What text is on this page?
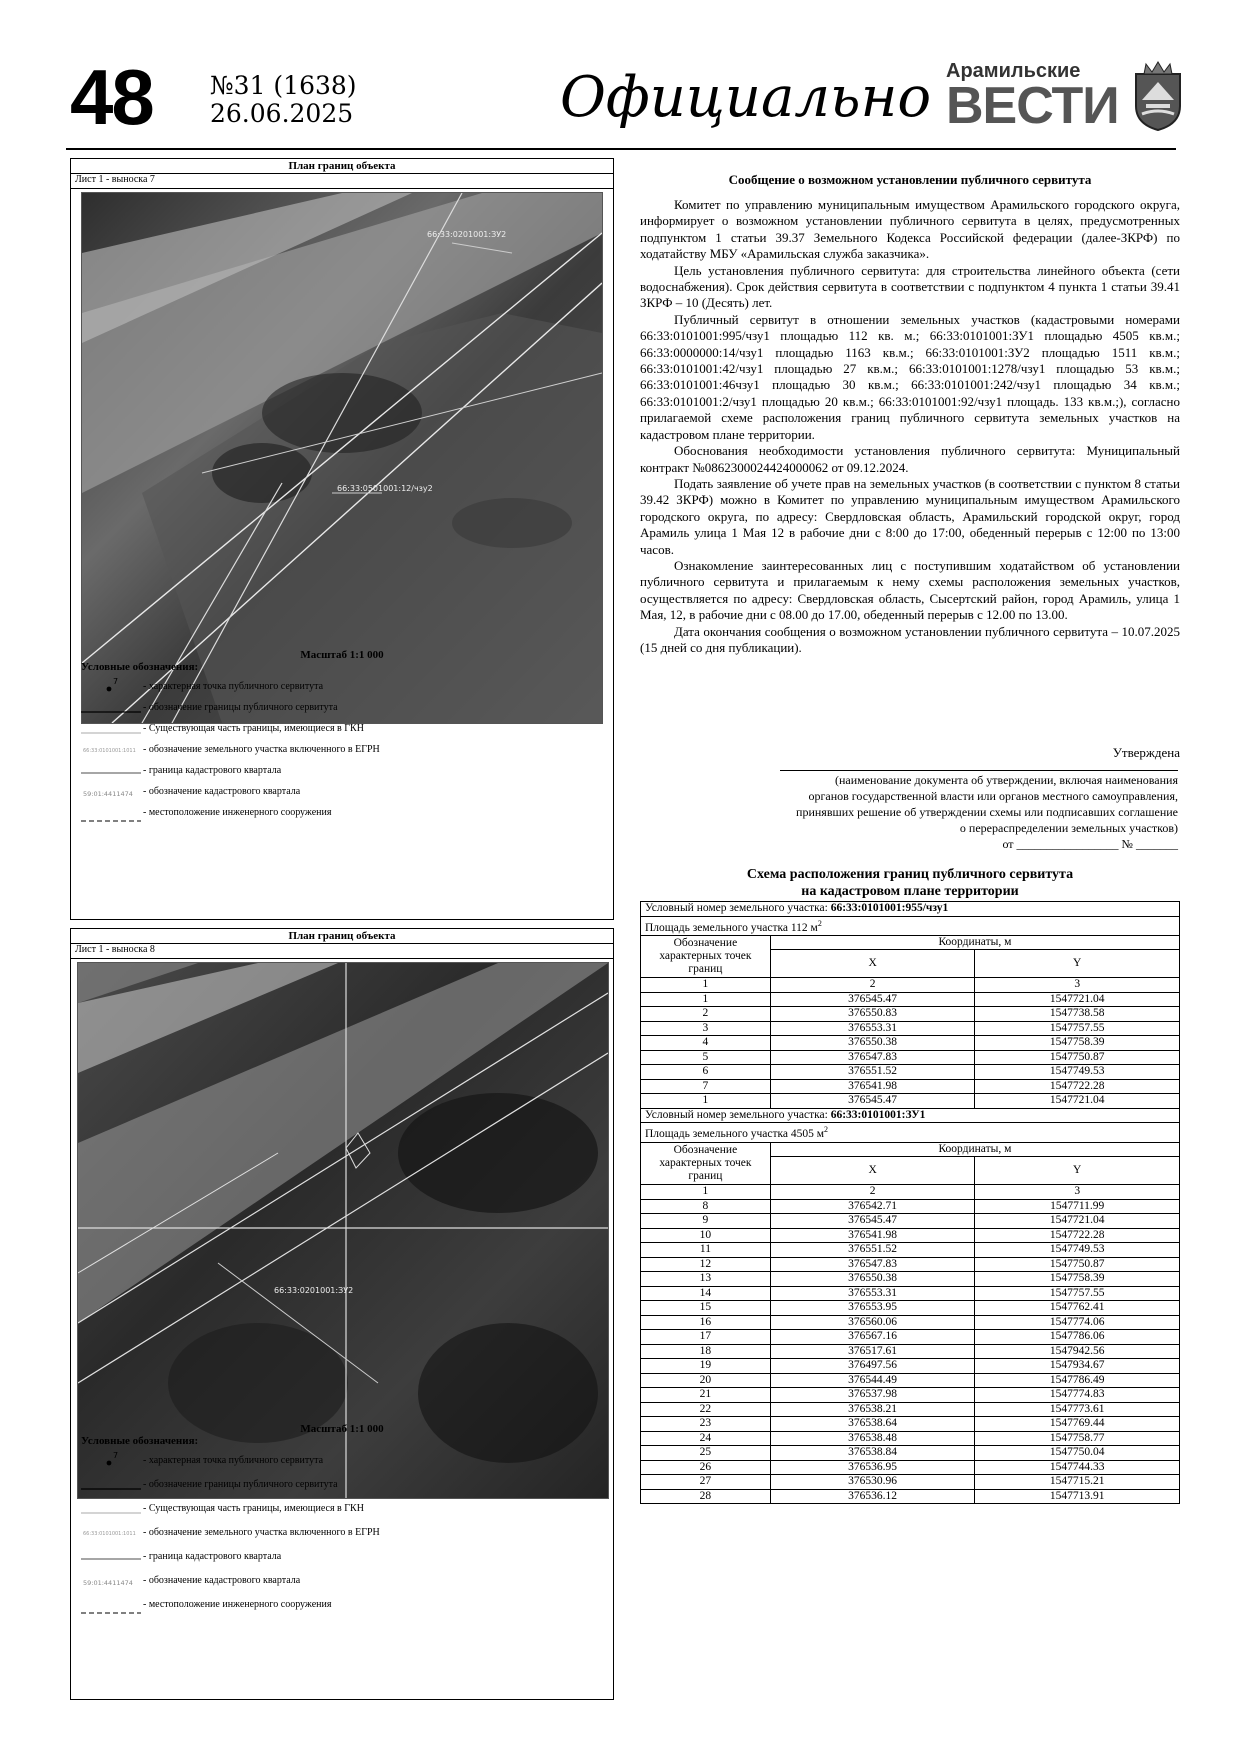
48 №31 (1638)
26.06.2025	Официально Арамильские
ВЕСТИ
План границ объекта
Лист 1 - выноска 7
66:33:0201001:ЗУ2
66:33:0501001:12/чзу2
Масштаб 1:1 000
Условные обозначения:
7 - характерная точка публичного сервитута
- обозначение границы публичного сервитута
- Существующая часть границы, имеющиеся в ГКН
66:33:0101001:1011 - обозначение земельного участка включенного в ЕГРН
- граница кадастрового квартала
59:01:4411474 - обозначение кадастрового квартала
- местоположение инженерного сооружения
План границ объекта
Лист 1 - выноска 8
66:33:0201001:ЗУ2
Масштаб 1:1 000
Условные обозначения:
7 - характерная точка публичного сервитута
- обозначение границы публичного сервитута
- Существующая часть границы, имеющиеся в ГКН
66:33:0101001:1011 - обозначение земельного участка включенного в ЕГРН
- граница кадастрового квартала
59:01:4411474 - обозначение кадастрового квартала
- местоположение инженерного сооружения
Сообщение о возможном установлении публичного сервитута

Комитет по управлению муниципальным имуществом Арамильского городского округа, информирует о возможном установлении публичного сервитута в целях, предусмотренных подпунктом 1 статьи 39.37 Земельного Кодекса Российской федерации (далее-ЗКРФ) по ходатайству МБУ «Арамильская служба заказчика».

Цель установления публичного сервитута: для строительства линейного объекта (сети водоснабжения). Срок действия сервитута в соответствии с подпунктом 4 пункта 1 статьи 39.41 ЗКРФ – 10 (Десять) лет.

Публичный сервитут в отношении земельных участков (кадастровыми номерами 66:33:0101001:995/чзу1 площадью 112 кв. м.; 66:33:0101001:ЗУ1 площадью 4505 кв.м.; 66:33:0000000:14/чзу1 площадью 1163 кв.м.; 66:33:0101001:ЗУ2 площадью 1511 кв.м.; 66:33:0101001:42/чзу1 площадью 27 кв.м.; 66:33:0101001:1278/чзу1 площадью 53 кв.м.; 66:33:0101001:46чзу1 площадью 30 кв.м.; 66:33:0101001:242/чзу1 площадью 34 кв.м.; 66:33:0101001:2/чзу1 площадью 20 кв.м.; 66:33:0101001:92/чзу1 площадь. 133 кв.м.;), согласно прилагаемой схеме расположения границ публичного сервитута земельных участков на кадастровом плане территории.

Обоснования необходимости установления публичного сервитута: Муниципальный контракт №0862300024424000062 от 09.12.2024.

Подать заявление об учете прав на земельных участков (в соответствии с пунктом 8 статьи 39.42 ЗКРФ) можно в Комитет по управлению муниципальным имуществом Арамильского городского округа, по адресу: Свердловская область, Арамильский городской округ, город Арамиль улица 1 Мая 12 в рабочие дни с 8:00 до 17:00, обеденный перерыв с 12:00 по 13:00 часов.

Ознакомление заинтересованных лиц с поступившим ходатайством об установлении публичного сервитута и прилагаемым к нему схемы расположения земельных участков, осуществляется по адресу: Свердловская область, Сысертский район, город Арамиль, улица 1 Мая, 12, в рабочие дни с 08.00 до 17.00, обеденный перерыв с 12.00 по 13.00.

Дата окончания сообщения о возможном установлении публичного сервитута – 10.07.2025 (15 дней со дня публикации).

Утверждена
(наименование документа об утверждении, включая наименования
органов государственной власти или органов местного самоуправления,
принявших решение об утверждении схемы или подписавших соглашение
о перераспределении земельных участков)
от _________________ № _______
Схема расположения границ публичного сервитута
на кадастровом плане территории
Условный номер земельного участка: 66:33:0101001:955/чзу1		
Площадь земельного участка 112 $м^2$
Обозначение характерных точек границ	Координаты, м	
	X	Y
1	2	3
1	376545.47	1547721.04
2	376550.83	1547738.58
3	376553.31	1547757.55
4	376550.38	1547758.39
5	376547.83	1547750.87
6	376551.52	1547749.53
7	376541.98	1547722.28
1	376545.47	1547721.04
Условный номер земельного участка: 66:33:0101001:ЗУ1		
Площадь земельного участка 4505 $м^2$
Обозначение характерных точек границ	Координаты, м	
	X	Y
1	2	3
8	376542.71	1547711.99
9	376545.47	1547721.04
10	376541.98	1547722.28
11	376551.52	1547749.53
12	376547.83	1547750.87
13	376550.38	1547758.39
14	376553.31	1547757.55
15	376553.95	1547762.41
16	376560.06	1547774.06
17	376567.16	1547786.06
18	376517.61	1547942.56
19	376497.56	1547934.67
20	376544.49	1547786.49
21	376537.98	1547774.83
22	376538.21	1547773.61
23	376538.64	1547769.44
24	376538.48	1547758.77
25	376538.84	1547750.04
26	376536.95	1547744.33
27	376530.96	1547715.21
28	376536.12	1547713.91
